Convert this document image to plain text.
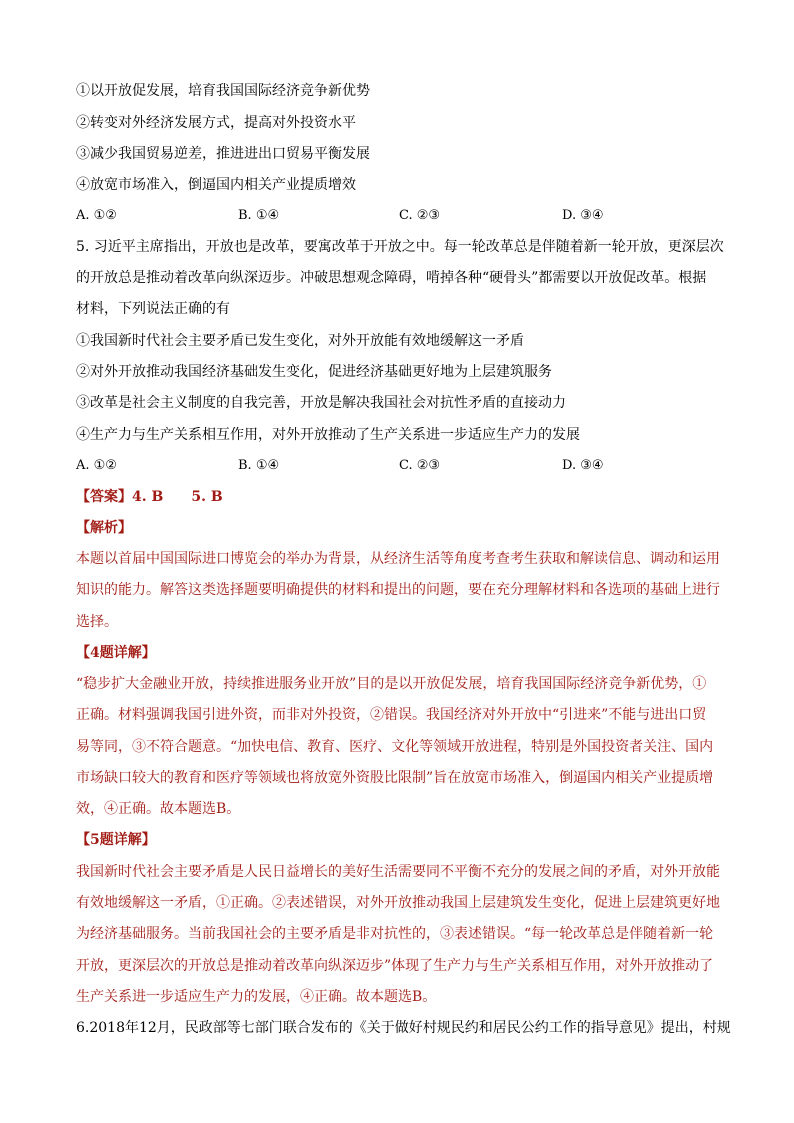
①以开放促发展，培育我国国际经济竞争新优势
②转变对外经济发展方式，提高对外投资水平
③减少我国贸易逆差，推进进出口贸易平衡发展
④放宽市场准入，倒逼国内相关产业提质增效
A. ①②	B. ①④	C. ②③	D. ③④
5. 习近平主席指出，开放也是改革，要寓改革于开放之中。每一轮改革总是伴随着新一轮开放，更深层次
的开放总是推动着改革向纵深迈步。冲破思想观念障碍，啃掉各种“硬骨头”都需要以开放促改革。根据
材料，下列说法正确的有
①我国新时代社会主要矛盾已发生变化，对外开放能有效地缓解这一矛盾
②对外开放推动我国经济基础发生变化，促进经济基础更好地为上层建筑服务
③改革是社会主义制度的自我完善，开放是解决我国社会对抗性矛盾的直接动力
④生产力与生产关系相互作用，对外开放推动了生产关系进一步适应生产力的发展
A. ①②	B. ①④	C. ②③	D. ③④
【答案】4. B 5. B
【解析】
本题以首届中国国际进口博览会的举办为背景，从经济生活等角度考查考生获取和解读信息、调动和运用
知识的能力。解答这类选择题要明确提供的材料和提出的问题，要在充分理解材料和各选项的基础上进行
选择。
【4题详解】
“稳步扩大金融业开放，持续推进服务业开放”目的是以开放促发展，培育我国国际经济竞争新优势，①
正确。材料强调我国引进外资，而非对外投资，②错误。我国经济对外开放中“引进来”不能与进出口贸
易等同，③不符合题意。“加快电信、教育、医疗、文化等领域开放进程，特别是外国投资者关注、国内
市场缺口较大的教育和医疗等领域也将放宽外资股比限制”旨在放宽市场准入，倒逼国内相关产业提质增
效，④正确。故本题选B。
【5题详解】
我国新时代社会主要矛盾是人民日益增长的美好生活需要同不平衡不充分的发展之间的矛盾，对外开放能
有效地缓解这一矛盾，①正确。②表述错误，对外开放推动我国上层建筑发生变化，促进上层建筑更好地
为经济基础服务。当前我国社会的主要矛盾是非对抗性的，③表述错误。“每一轮改革总是伴随着新一轮
开放，更深层次的开放总是推动着改革向纵深迈步”体现了生产力与生产关系相互作用，对外开放推动了
生产关系进一步适应生产力的发展，④正确。故本题选B。
6.2018年12月，民政部等七部门联合发布的《关于做好村规民约和居民公约工作的指导意见》提出，村规
